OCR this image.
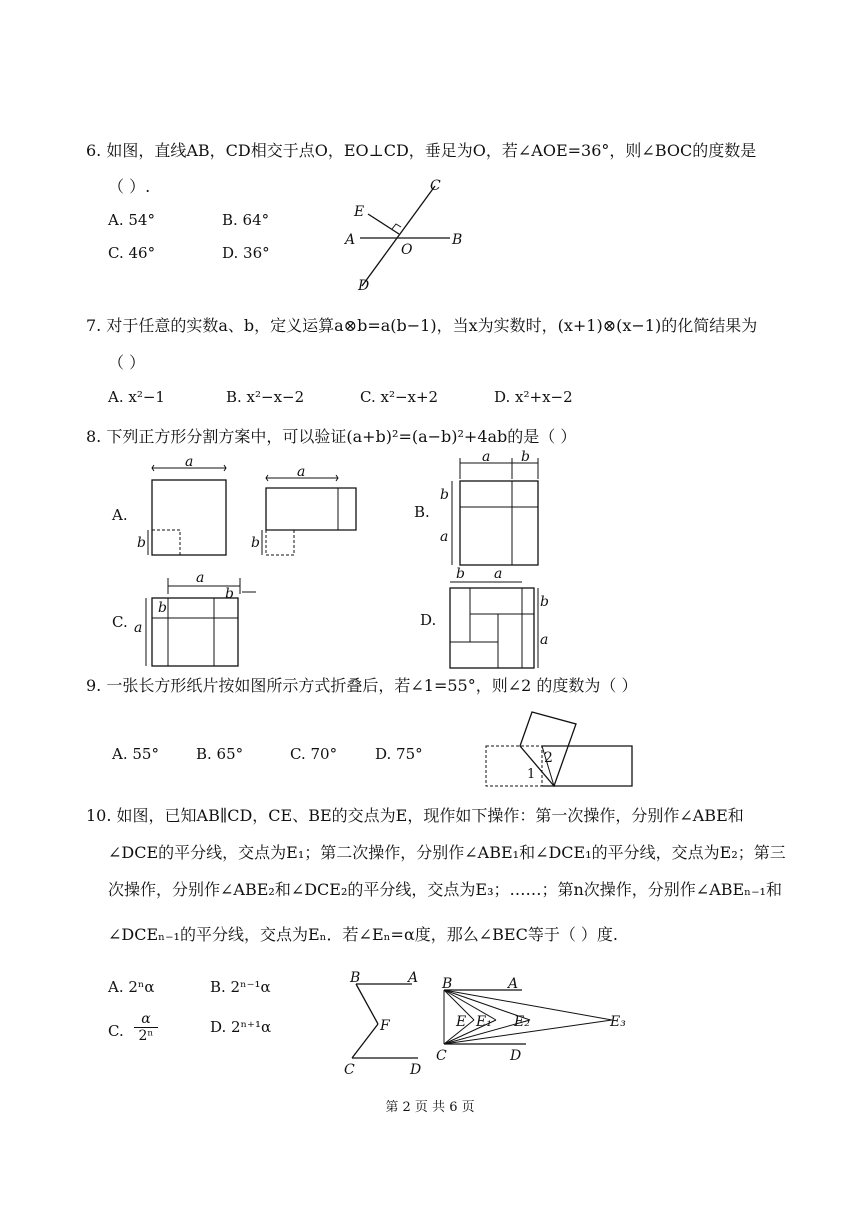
6. 如图，直线AB，CD相交于点O，EO⊥CD，垂足为O，若∠AOE=36°，则∠BOC的度数是
（ ）.
A. 54°	B. 64°
C. 46°	D. 36°
C
E
A	B
O
D
7. 对于任意的实数a、b，定义运算a⊗b=a(b−1)，当x为实数时，(x+1)⊗(x−1)的化简结果为
（ ）
A. x²−1	B. x²−x−2	C. x²−x+2	D. x²+x−2
8. 下列正方形分割方案中，可以验证(a+b)²=(a−b)²+4ab的是（ ）
A.
a
b
a
b
B.
a b
b
a
C.
a
b
b
a	D.
b a
b
a
9. 一张长方形纸片按如图所示方式折叠后，若∠1=55°，则∠2 的度数为（ ）
A. 55° B. 65°	C. 70°	D. 75°	2
1
10. 如图，已知AB∥CD，CE、BE的交点为E，现作如下操作：第一次操作，分别作∠ABE和
∠DCE的平分线，交点为E₁；第二次操作，分别作∠ABE₁和∠DCE₁的平分线，交点为E₂；第三
次操作，分别作∠ABE₂和∠DCE₂的平分线，交点为E₃；……；第n次操作，分别作∠ABEₙ₋₁和
∠DCEₙ₋₁的平分线，交点为Eₙ．若∠Eₙ=α度，那么∠BEC等于（ ）度.
A. 2ⁿα	B. 2ⁿ⁻¹α
C. $\frac{\alpha}{\text{2ⁿ}}$	D. 2ⁿ⁺¹α
B	A
F
C	D
B	A
E E₁ E₂	E₃
C	D
第 2 页 共 6 页
